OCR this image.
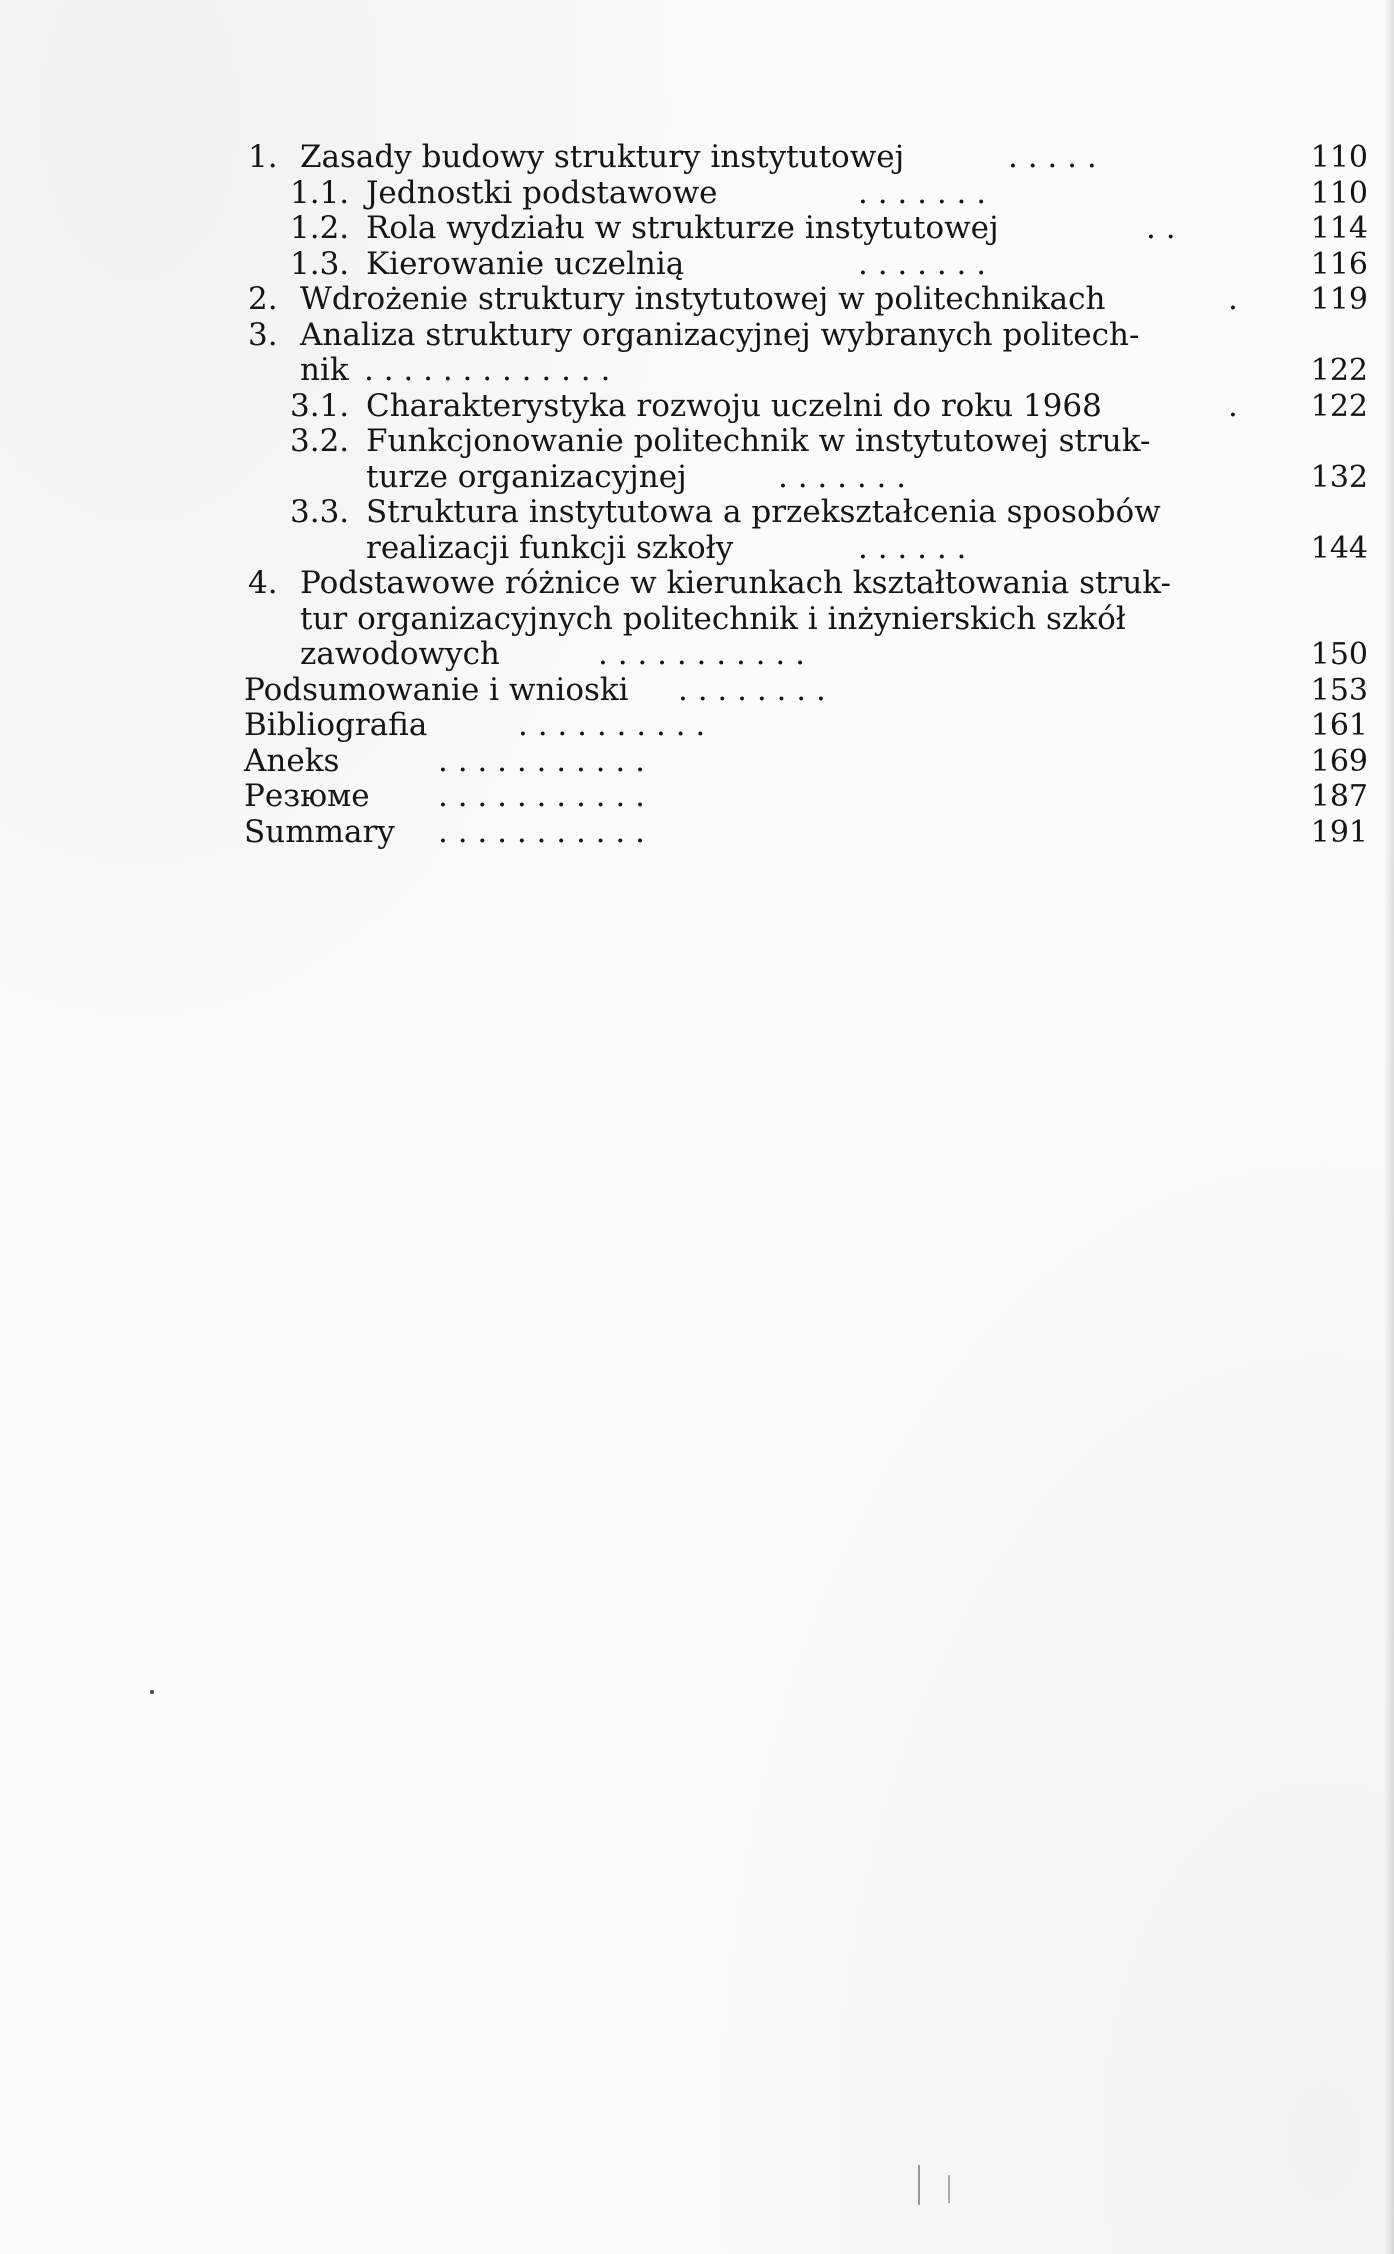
1. Zasady budowy struktury instytutowej	. . . . .	110
1.1. Jednostki podstawowe	. . . . . . .	110
1.2. Rola wydziału w strukturze instytutowej	. .	114
1.3. Kierowanie uczelnią	. . . . . . .	116
2. Wdrożenie struktury instytutowej w politechnikach	.	119
3. Analiza struktury organizacyjnej wybranych politech-
nik . . . . . . . . . . . . .	122
3.1. Charakterystyka rozwoju uczelni do roku 1968	.	122
3.2. Funkcjonowanie politechnik w instytutowej struk-
turze organizacyjnej	. . . . . . .	132
3.3. Struktura instytutowa a przekształcenia sposobów
realizacji funkcji szkoły	. . . . . .	144
4. Podstawowe różnice w kierunkach kształtowania struk-
tur organizacyjnych politechnik i inżynierskich szkół
zawodowych	. . . . . . . . . . .	150
Podsumowanie i wnioski . . . . . . . .	153
Bibliografia	. . . . . . . . . .	161
Aneks	. . . . . . . . . . .	169
Резюме . . . . . . . . . . .	187
Summary . . . . . . . . . . .	191
